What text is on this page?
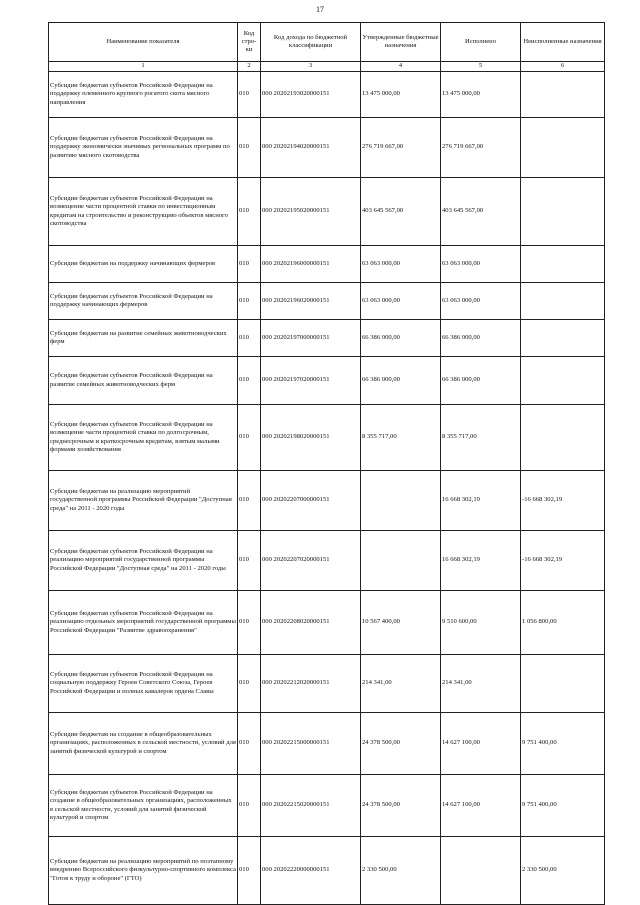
17
Наименование показателя	Код стро-ки	Код дохода по бюджетной классификации	Утвержденные бюджетные назначения	Исполнено	Неисполненные назначения
1	2	3	4	5	6
Субсидии бюджетам субъектов Российской Федерации на поддержку племенного крупного рогатого скота мясного направления	010	000 20202193020000151	13 475 000,00	13 475 000,00	
Субсидии бюджетам субъектов Российской Федерации на поддержку экономически значимых региональных программ по развитию мясного скотоводства	010	000 20202194020000151	276 719 667,00	276 719 667,00	
Субсидии бюджетам субъектов Российской Федерации на возмещение части процентной ставки по инвестиционным кредитам на строительство и реконструкцию объектов мясного скотоводства	010	000 20202195020000151	403 645 567,00	403 645 567,00	
Субсидии бюджетам на поддержку начинающих фермеров	010	000 20202196000000151	63 063 000,00	63 063 000,00	
Субсидии бюджетам субъектов Российской Федерации на поддержку начинающих фермеров	010	000 20202196020000151	63 063 000,00	63 063 000,00	
Субсидии бюджетам на развитие семейных животноводческих ферм	010	000 20202197000000151	66 386 000,00	66 386 000,00	
Субсидии бюджетам субъектов Российской Федерации на развитие семейных животноводческих ферм	010	000 20202197020000151	66 386 000,00	66 386 000,00	
Субсидии бюджетам субъектов Российской Федерации на возмещение части процентной ставки по долгосрочным, среднесрочным и краткосрочным кредитам, взятым малыми формами хозяйствования	010	000 20202198020000151	8 355 717,00	8 355 717,00	
Субсидии бюджетам на реализацию мероприятий государственной программы Российской Федерации "Доступная среда" на 2011 - 2020 годы	010	000 20202207000000151		16 668 302,19	-16 668 302,19
Субсидии бюджетам субъектов Российской Федерации на реализацию мероприятий государственной программы Российской Федерации "Доступная среда" на 2011 - 2020 годы	010	000 20202207020000151		16 668 302,19	-16 668 302,19
Субсидии бюджетам субъектов Российской Федерации на реализацию отдельных мероприятий государственной программы Российской Федерации "Развитие здравоохранения"	010	000 20202208020000151	10 567 400,00	9 510 600,00	1 056 800,00
Субсидии бюджетам субъектов Российской Федерации на социальную поддержку Героев Советского Союза, Героев Российской Федерации и полных кавалеров ордена Славы	010	000 20202212020000151	214 341,00	214 341,00	
Субсидии бюджетам на создание в общеобразовательных организациях, расположенных в сельской местности, условий для занятий физической культурой и спортом	010	000 20202215000000151	24 378 500,00	14 627 100,00	9 751 400,00
Субсидии бюджетам субъектов Российской Федерации на создание в общеобразовательных организациях, расположенных в сельской местности, условий для занятий физической культурой и спортом	010	000 20202215020000151	24 378 500,00	14 627 100,00	9 751 400,00
Субсидии бюджетам на реализацию мероприятий по поэтапному внедрению Всероссийского физкультурно-спортивного комплекса "Готов к труду и обороне" (ГТО)	010	000 20202220000000151	2 330 500,00		2 330 500,00
